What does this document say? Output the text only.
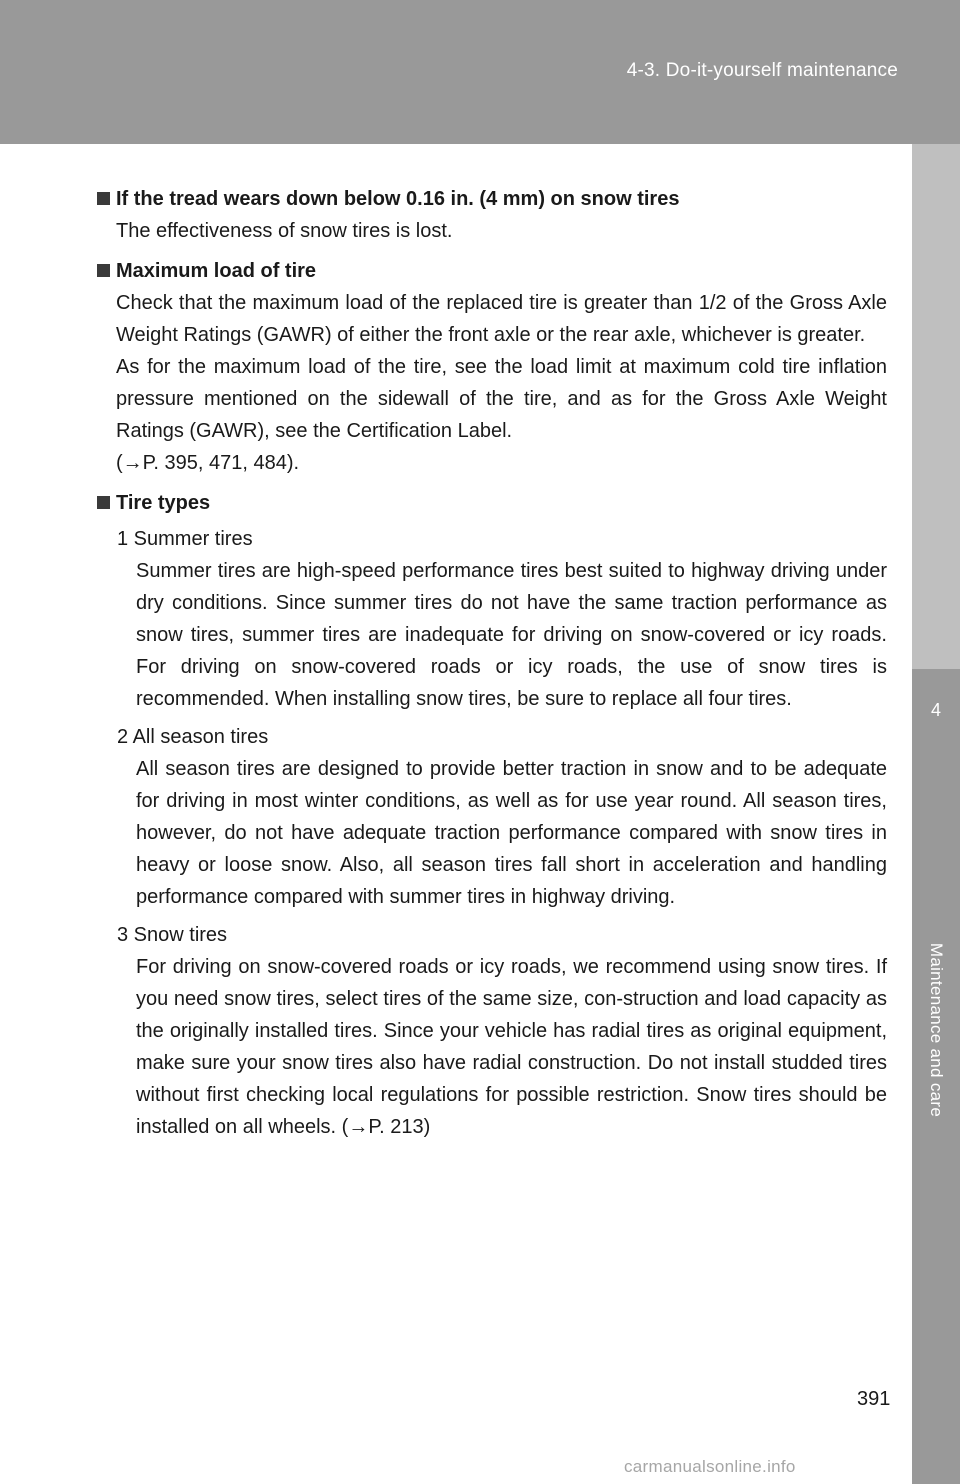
4-3. Do-it-yourself maintenance
4
Maintenance and care
If the tread wears down below 0.16 in. (4 mm) on snow tires

The effectiveness of snow tires is lost.

Maximum load of tire

Check that the maximum load of the replaced tire is greater than 1/2 of the Gross Axle Weight Ratings (GAWR) of either the front axle or the rear axle, whichever is greater.

As for the maximum load of the tire, see the load limit at maximum cold tire inflation pressure mentioned on the sidewall of the tire, and as for the Gross Axle Weight Ratings (GAWR), see the Certification Label.

(→P. 395, 471, 484).

Tire types
1 Summer tires
Summer tires are high-speed performance tires best suited to highway driving under dry conditions. Since summer tires do not have the same traction performance as snow tires, summer tires are inadequate for driving on snow-covered or icy roads. For driving on snow-covered roads or icy roads, the use of snow tires is recommended. When installing snow tires, be sure to replace all four tires.
2 All season tires
All season tires are designed to provide better traction in snow and to be adequate for driving in most winter conditions, as well as for use year round. All season tires, however, do not have adequate traction performance compared with snow tires in heavy or loose snow. Also, all season tires fall short in acceleration and handling performance compared with summer tires in highway driving.
3 Snow tires
For driving on snow-covered roads or icy roads, we recommend using snow tires. If you need snow tires, select tires of the same size, con-struction and load capacity as the originally installed tires. Since your vehicle has radial tires as original equipment, make sure your snow tires also have radial construction. Do not install studded tires without first checking local regulations for possible restriction. Snow tires should be installed on all wheels. (→P. 213)
391
carmanualsonline.info
